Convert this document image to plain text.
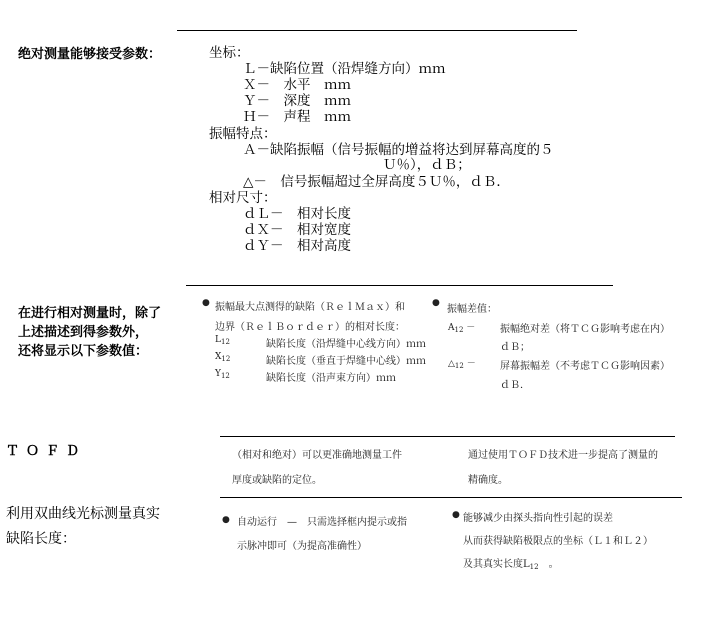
绝对测量能够接受参数：	坐标：
Ｌ－缺陷位置（沿焊缝方向）ｍｍ
Ｘ－　水平　ｍｍ
Ｙ－　深度　ｍｍ
Ｈ－　声程　ｍｍ
振幅特点：
Ａ－缺陷振幅（信号振幅的增益将达到屏幕高度的５
Ｕ％），ｄＢ；
△－　信号振幅超过全屏高度５Ｕ％，ｄＢ．
相对尺寸：
ｄＬ－　相对长度
ｄＸ－　相对宽度
ｄＹ－　相对高度
在进行相对测量时，除了
上述描述到得参数外，
还将显示以下参数值：
● 振幅最大点测得的缺陷（ＲｅｌＭａｘ）和
边界（ＲｅｌＢｏｒｄｅｒ）的相对长度：
$L_{12}$	缺陷长度（沿焊缝中心线方向）ｍｍ
$X_{12}$	缺陷长度（垂直于焊缝中心线）ｍｍ
$Y_{12}$	缺陷长度（沿声束方向）ｍｍ
●
振幅差值：
$A_{12}$ － 振幅绝对差（将ＴＣＧ影响考虑在内）
ｄＢ；
$\triangle_{12}$ － 屏幕振幅差（不考虑ＴＣＧ影响因素）
ｄＢ．
ＴＯＦＤ	（相对和绝对）可以更准确地测量工件
厚度或缺陷的定位。
通过使用ＴＯＦＤ技术进一步提高了测量的
精确度。
利用双曲线光标测量真实
缺陷长度：
● 自动运行　—　只需选择框内提示或指
示脉冲即可（为提高准确性）
● 能够减少由探头指向性引起的误差
从而获得缺陷极限点的坐标（Ｌ１和Ｌ２）
及其真实长度$L_{12}$ 。
